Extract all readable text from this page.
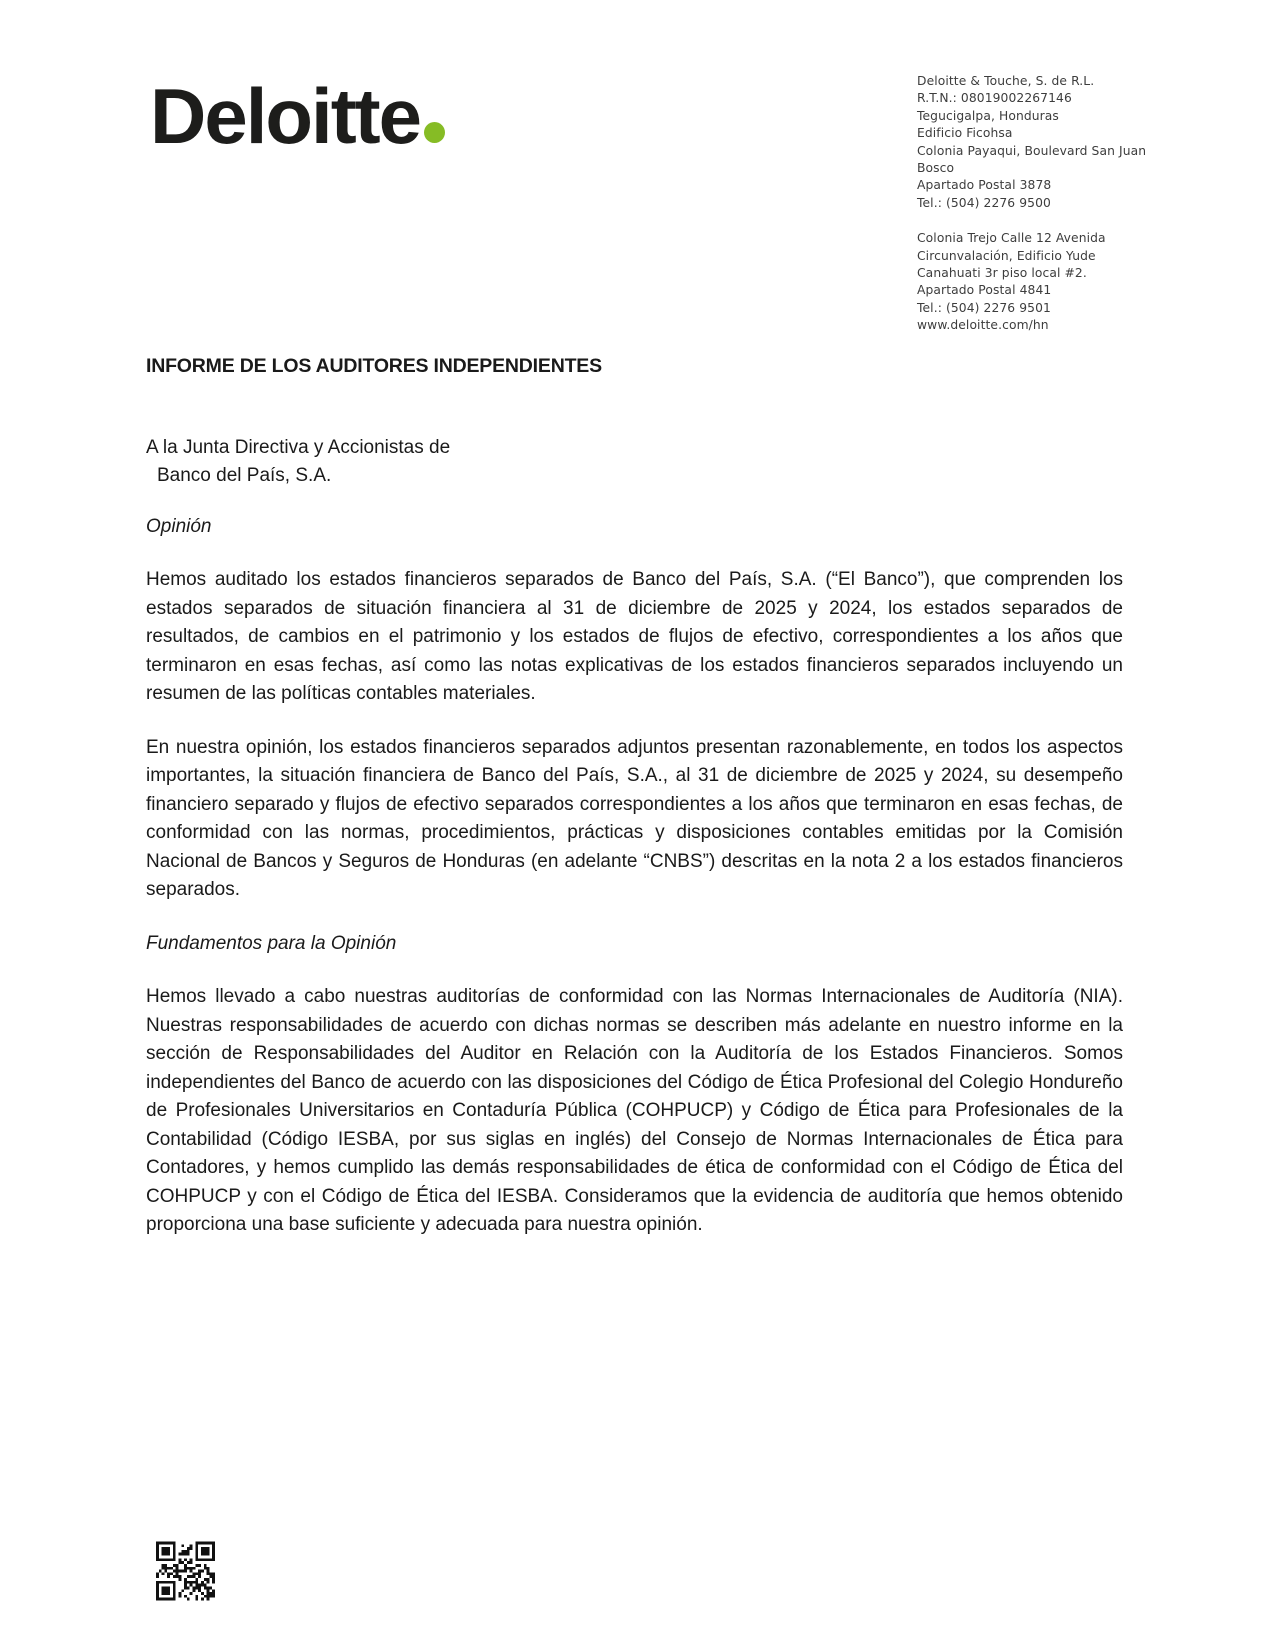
Deloitte	Deloitte & Touche, S. de R.L.
R.T.N.: 08019002267146
Tegucigalpa, Honduras
Edificio Ficohsa
Colonia Payaqui, Boulevard San Juan
Bosco
Apartado Postal 3878
Tel.: (504) 2276 9500
Colonia Trejo Calle 12 Avenida
Circunvalación, Edificio Yude
Canahuati 3r piso local #2.
Apartado Postal 4841
Tel.: (504) 2276 9501
www.deloitte.com/hn
INFORME DE LOS AUDITORES INDEPENDIENTES
A la Junta Directiva y Accionistas de
Banco del País, S.A.
Opinión

Hemos auditado los estados financieros separados de Banco del País, S.A. (“El Banco”), que comprenden los estados separados de situación financiera al 31 de diciembre de 2025 y 2024, los estados separados de resultados, de cambios en el patrimonio y los estados de flujos de efectivo, correspondientes a los años que terminaron en esas fechas, así como las notas explicativas de los estados financieros separados incluyendo un resumen de las políticas contables materiales.

En nuestra opinión, los estados financieros separados adjuntos presentan razonablemente, en todos los aspectos importantes, la situación financiera de Banco del País, S.A., al 31 de diciembre de 2025 y 2024, su desempeño financiero separado y flujos de efectivo separados correspondientes a los años que terminaron en esas fechas, de conformidad con las normas, procedimientos, prácticas y disposiciones contables emitidas por la Comisión Nacional de Bancos y Seguros de Honduras (en adelante “CNBS”) descritas en la nota 2 a los estados financieros separados.

Fundamentos para la Opinión

Hemos llevado a cabo nuestras auditorías de conformidad con las Normas Internacionales de Auditoría (NIA). Nuestras responsabilidades de acuerdo con dichas normas se describen más adelante en nuestro informe en la sección de Responsabilidades del Auditor en Relación con la Auditoría de los Estados Financieros. Somos independientes del Banco de acuerdo con las disposiciones del Código de Ética Profesional del Colegio Hondureño de Profesionales Universitarios en Contaduría Pública (COHPUCP) y Código de Ética para Profesionales de la Contabilidad (Código IESBA, por sus siglas en inglés) del Consejo de Normas Internacionales de Ética para Contadores, y hemos cumplido las demás responsabilidades de ética de conformidad con el Código de Ética del COHPUCP y con el Código de Ética del IESBA. Consideramos que la evidencia de auditoría que hemos obtenido proporciona una base suficiente y adecuada para nuestra opinión.
